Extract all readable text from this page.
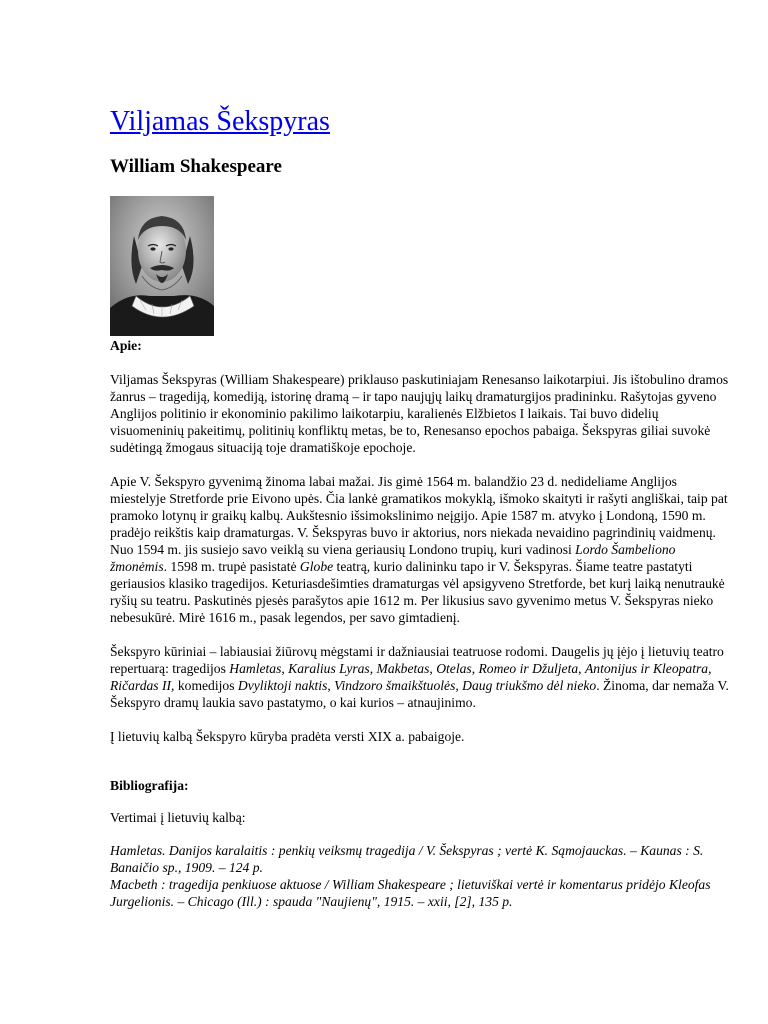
Viljamas Šekspyras
William Shakespeare
Apie:

Viljamas Šekspyras (William Shakespeare) priklauso paskutiniajam Renesanso laikotarpiui. Jis ištobulino dramos žanrus – tragediją, komediją, istorinę dramą – ir tapo naujųjų laikų dramaturgijos pradininku. Rašytojas gyveno Anglijos politinio ir ekonominio pakilimo laikotarpiu, karalienės Elžbietos I laikais. Tai buvo didelių visuomeninių pakeitimų, politinių konfliktų metas, be to, Renesanso epochos pabaiga. Šekspyras giliai suvokė sudėtingą žmogaus situaciją toje dramatiškoje epochoje.

Apie V. Šekspyro gyvenimą žinoma labai mažai. Jis gimė 1564 m. balandžio 23 d. nedideliame Anglijos miestelyje Stretforde prie Eivono upės. Čia lankė gramatikos mokyklą, išmoko skaityti ir rašyti angliškai, taip pat pramoko lotynų ir graikų kalbų. Aukštesnio išsimokslinimo neįgijo. Apie 1587 m. atvyko į Londoną, 1590 m. pradėjo reikštis kaip dramaturgas. V. Šekspyras buvo ir aktorius, nors niekada nevaidino pagrindinių vaidmenų. Nuo 1594 m. jis susiejo savo veiklą su viena geriausių Londono trupių, kuri vadinosi Lordo Šambeliono žmonėmis. 1598 m. trupė pasistatė Globe teatrą, kurio dalininku tapo ir V. Šekspyras. Šiame teatre pastatyti geriausios klasiko tragedijos. Keturiasdešimties dramaturgas vėl apsigyveno Stretforde, bet kurį laiką nenutraukė ryšių su teatru. Paskutinės pjesės parašytos apie 1612 m. Per likusius savo gyvenimo metus V. Šekspyras nieko nebesukūrė. Mirė 1616 m., pasak legendos, per savo gimtadienį.

Šekspyro kūriniai – labiausiai žiūrovų mėgstami ir dažniausiai teatruose rodomi. Daugelis jų įėjo į lietuvių teatro repertuarą: tragedijos Hamletas, Karalius Lyras, Makbetas, Otelas, Romeo ir Džuljeta, Antonijus ir Kleopatra, Ričardas II, komedijos Dvyliktoji naktis, Vindzoro šmaikštuolės, Daug triukšmo dėl nieko. Žinoma, dar nemaža V. Šekspyro dramų laukia savo pastatymo, o kai kurios – atnaujinimo.

Į lietuvių kalbą Šekspyro kūryba pradėta versti XIX a. pabaigoje.

Bibliografija:

Vertimai į lietuvių kalbą:

Hamletas. Danijos karalaitis : penkių veiksmų tragedija / V. Šekspyras ; vertė K. Sąmojauckas. – Kaunas : S. Banaičio sp., 1909. – 124 p.
Macbeth : tragedija penkiuose aktuose / William Shakespeare ; lietuviškai vertė ir komentarus pridėjo Kleofas Jurgelionis. – Chicago (Ill.) : spauda "Naujienų", 1915. – xxii, [2], 135 p.
